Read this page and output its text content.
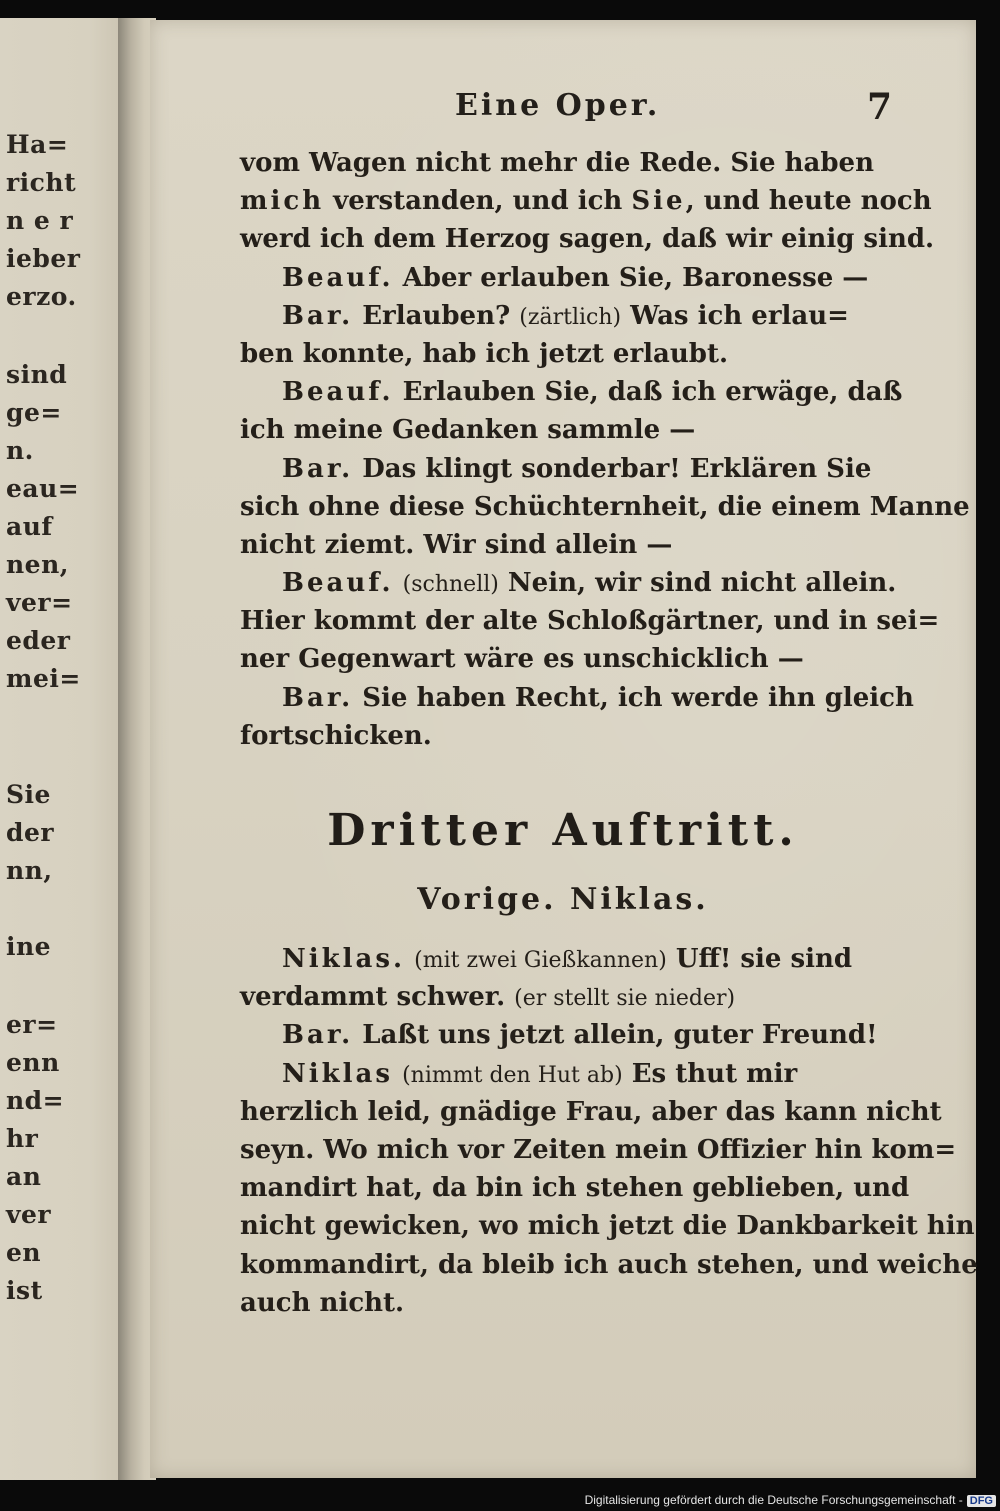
Ha=
richt
n e r
ieber
erzo.
sind
ge=
n.
eau=
auf
nen,
ver=
eder
mei=
Sie
der
nn,
ine
er=
enn
nd=
hr
an
ver
en
ist
Eine Oper.	7
vom Wagen nicht mehr die Rede. Sie haben
mich verstanden, und ich Sie, und heute noch
werd ich dem Herzog sagen, daß wir einig sind.
Beauf. Aber erlauben Sie, Baronesse —
Bar. Erlauben? (zärtlich) Was ich erlau=
ben konnte, hab ich jetzt erlaubt.
Beauf. Erlauben Sie, daß ich erwäge, daß
ich meine Gedanken sammle —
Bar. Das klingt sonderbar! Erklären Sie
sich ohne diese Schüchternheit, die einem Manne
nicht ziemt. Wir sind allein —
Beauf. (schnell) Nein, wir sind nicht allein.
Hier kommt der alte Schloßgärtner, und in sei=
ner Gegenwart wäre es unschicklich —
Bar. Sie haben Recht, ich werde ihn gleich
fortschicken.
Dritter Auftritt.
Vorige. Niklas.
Niklas. (mit zwei Gießkannen) Uff! sie sind
verdammt schwer. (er stellt sie nieder)
Bar. Laßt uns jetzt allein, guter Freund!
Niklas (nimmt den Hut ab) Es thut mir
herzlich leid, gnädige Frau, aber das kann nicht
seyn. Wo mich vor Zeiten mein Offizier hin kom=
mandirt hat, da bin ich stehen geblieben, und
nicht gewicken, wo mich jetzt die Dankbarkeit hin
kommandirt, da bleib ich auch stehen, und weiche
auch nicht.
Digitalisierung gefördert durch die Deutsche Forschungsgemeinschaft - DFG
